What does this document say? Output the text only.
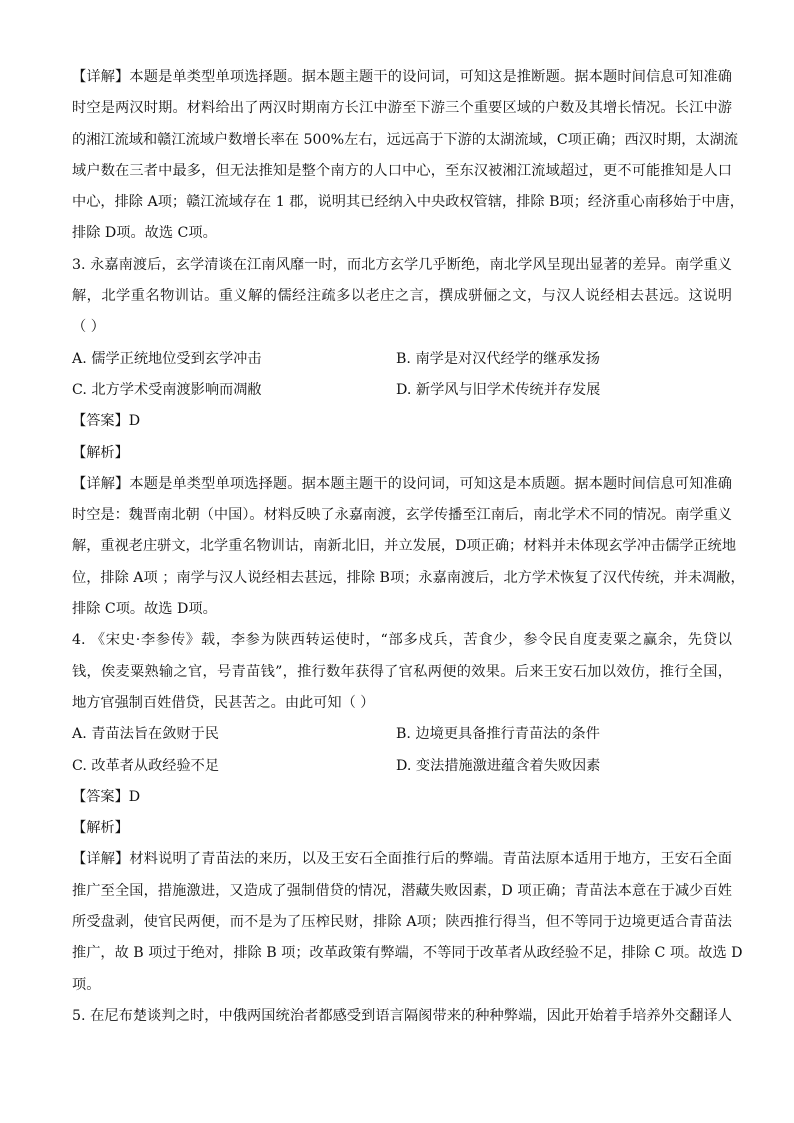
【详解】本题是单类型单项选择题。据本题主题干的设问词，可知这是推断题。据本题时间信息可知准确
时空是两汉时期。材料给出了两汉时期南方长江中游至下游三个重要区域的户数及其增长情况。长江中游
的湘江流域和赣江流域户数增长率在 500%左右，远远高于下游的太湖流域，C项正确；西汉时期，太湖流
域户数在三者中最多，但无法推知是整个南方的人口中心，至东汉被湘江流域超过，更不可能推知是人口
中心，排除 A项；赣江流域存在 1 郡，说明其已经纳入中央政权管辖，排除 B项；经济重心南移始于中唐，
排除 D项。故选 C项。
3. 永嘉南渡后，玄学清谈在江南风靡一时，而北方玄学几乎断绝，南北学风呈现出显著的差异。南学重义
解，北学重名物训诂。重义解的儒经注疏多以老庄之言，撰成骈俪之文，与汉人说经相去甚远。这说明
（ ）
A. 儒学正统地位受到玄学冲击	B. 南学是对汉代经学的继承发扬
C. 北方学术受南渡影响而凋敝	D. 新学风与旧学术传统并存发展
【答案】D
【解析】
【详解】本题是单类型单项选择题。据本题主题干的设问词，可知这是本质题。据本题时间信息可知准确
时空是：魏晋南北朝（中国）。材料反映了永嘉南渡，玄学传播至江南后，南北学术不同的情况。南学重义
解，重视老庄骈文，北学重名物训诂，南新北旧，并立发展，D项正确；材料并未体现玄学冲击儒学正统地
位，排除 A项 ；南学与汉人说经相去甚远，排除 B项；永嘉南渡后，北方学术恢复了汉代传统，并未凋敝，
排除 C项。故选 D项。
4. 《宋史·李参传》载，李参为陕西转运使时，“部多戍兵，苦食少，参令民自度麦粟之赢余，先贷以
钱，俟麦粟熟输之官，号青苗钱”，推行数年获得了官私两便的效果。后来王安石加以效仿，推行全国，
地方官强制百姓借贷，民甚苦之。由此可知（ ）
A. 青苗法旨在敛财于民	B. 边境更具备推行青苗法的条件
C. 改革者从政经验不足	D. 变法措施激进蕴含着失败因素
【答案】D
【解析】
【详解】材料说明了青苗法的来历，以及王安石全面推行后的弊端。青苗法原本适用于地方，王安石全面
推广至全国，措施激进，又造成了强制借贷的情况，潜藏失败因素，D 项正确；青苗法本意在于减少百姓
所受盘剥，使官民两便，而不是为了压榨民财，排除 A项；陕西推行得当，但不等同于边境更适合青苗法
推广，故 B 项过于绝对，排除 B 项；改革政策有弊端，不等同于改革者从政经验不足，排除 C 项。故选 D
项。
5. 在尼布楚谈判之时，中俄两国统治者都感受到语言隔阂带来的种种弊端，因此开始着手培养外交翻译人
